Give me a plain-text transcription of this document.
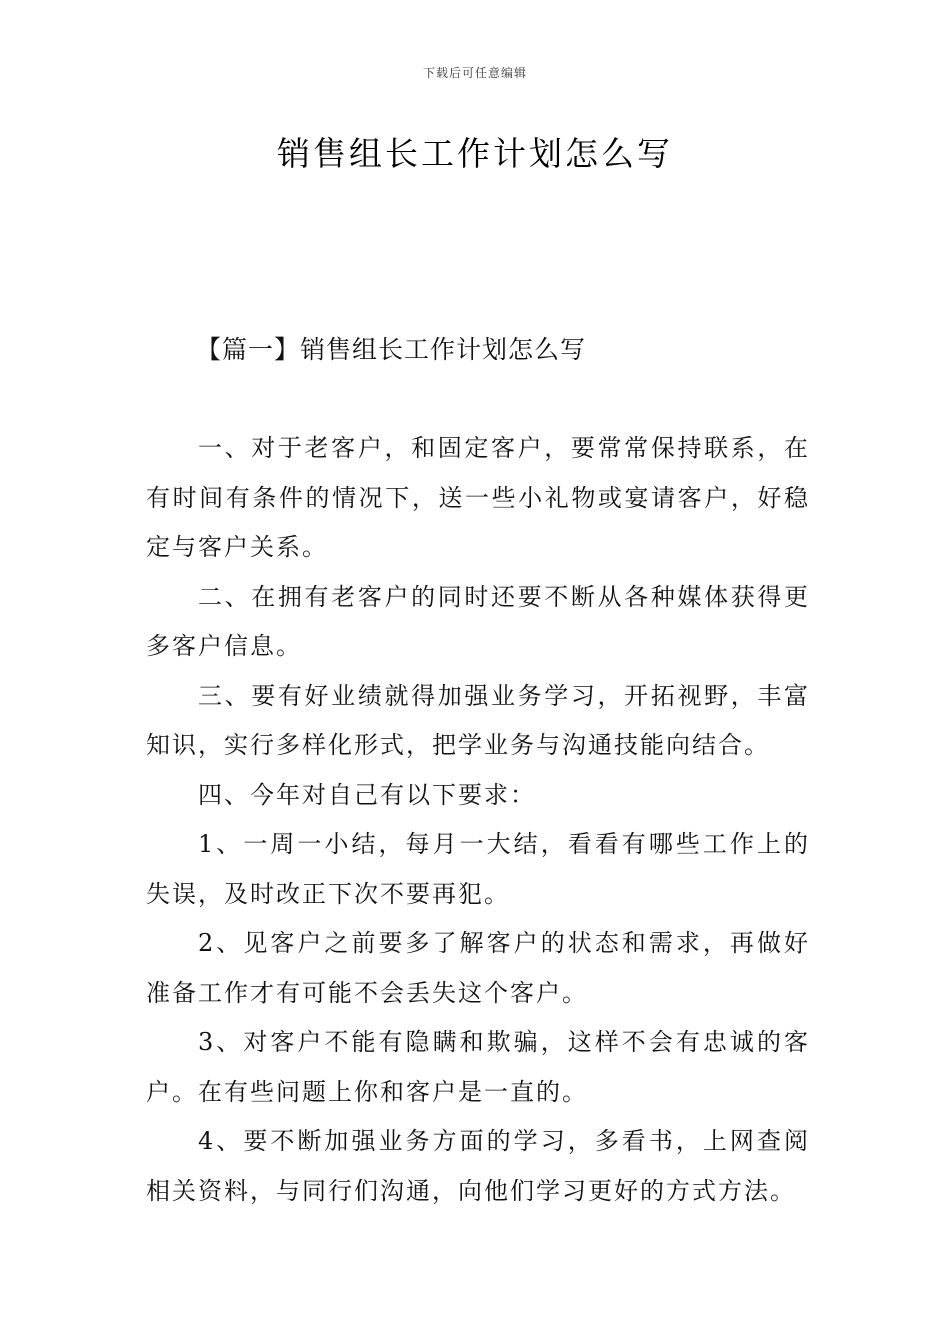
下载后可任意编辑
销售组长工作计划怎么写
【篇一】销售组长工作计划怎么写

一、对于老客户，和固定客户，要常常保持联系，在有时间有条件的情况下，送一些小礼物或宴请客户，好稳定与客户关系。

二、在拥有老客户的同时还要不断从各种媒体获得更多客户信息。

三、要有好业绩就得加强业务学习，开拓视野，丰富知识，实行多样化形式，把学业务与沟通技能向结合。

四、今年对自己有以下要求：

1、一周一小结，每月一大结，看看有哪些工作上的失误，及时改正下次不要再犯。

2、见客户之前要多了解客户的状态和需求，再做好准备工作才有可能不会丢失这个客户。

3、对客户不能有隐瞒和欺骗，这样不会有忠诚的客户。在有些问题上你和客户是一直的。

4、要不断加强业务方面的学习，多看书，上网查阅相关资料，与同行们沟通，向他们学习更好的方式方法。
